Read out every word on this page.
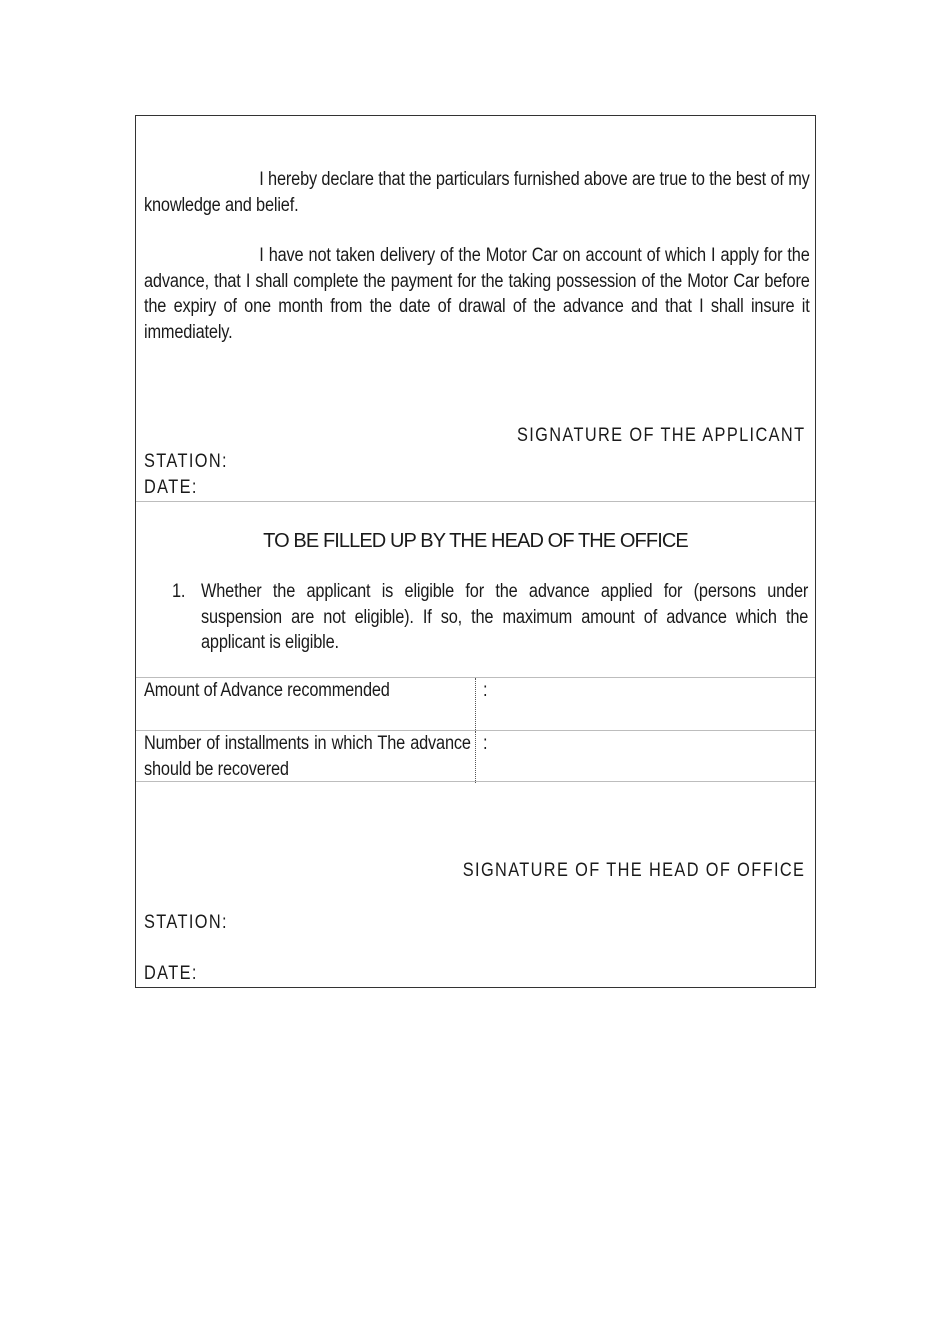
I hereby declare that the particulars furnished above are true to the best of my knowledge and belief.
I have not taken delivery of the Motor Car on account of which I apply for the advance, that I shall complete the payment for the taking possession of the Motor Car before the expiry of one month from the date of drawal of the advance and that I shall insure it immediately.
SIGNATURE OF THE APPLICANT
STATION:
DATE:
TO BE FILLED UP BY THE HEAD OF THE OFFICE
1. Whether the applicant is eligible for the advance applied for (persons under suspension are not eligible). If so, the maximum amount of advance which the applicant is eligible.
Amount of Advance recommended	:
Number of installments in which The advance should be recovered
:
SIGNATURE OF THE HEAD OF OFFICE
STATION:
DATE:
